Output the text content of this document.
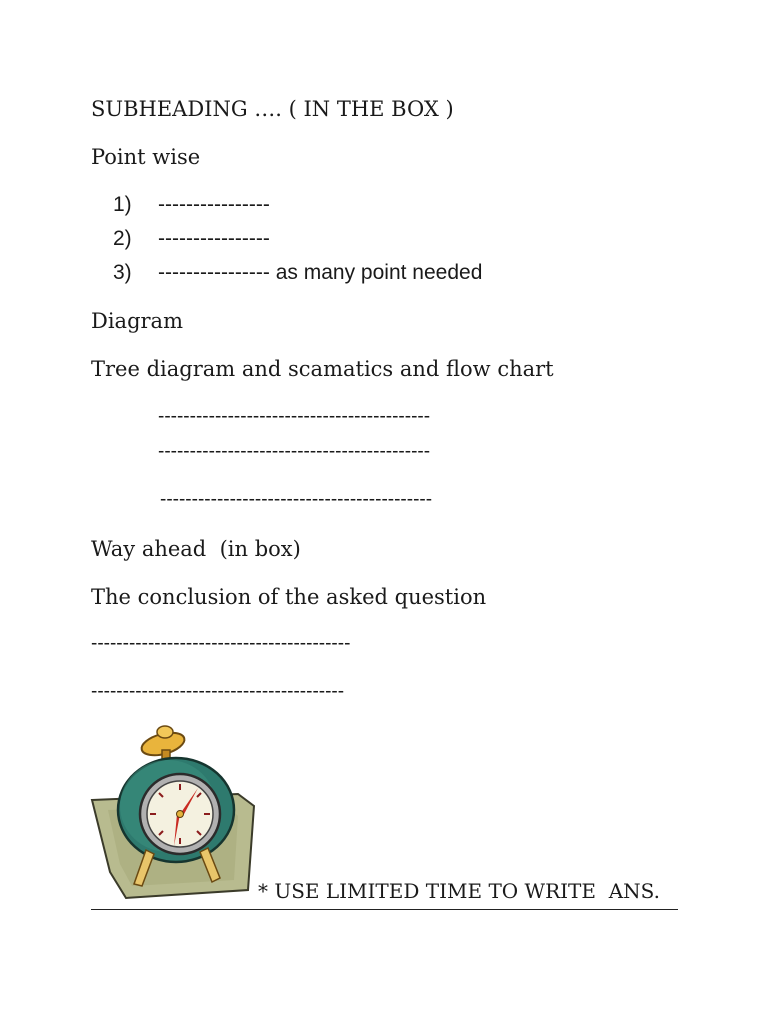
SUBHEADING …. ( IN THE BOX )
Point wise
1) ----------------
2) ----------------
3) ---------------- as many point needed
Diagram
Tree diagram and scamatics and flow chart
-------------------------------------------
-------------------------------------------
-------------------------------------------
Way ahead  (in box)
The conclusion of the asked question
-----------------------------------------
----------------------------------------
* USE LIMITED TIME TO WRITE  ANS.
